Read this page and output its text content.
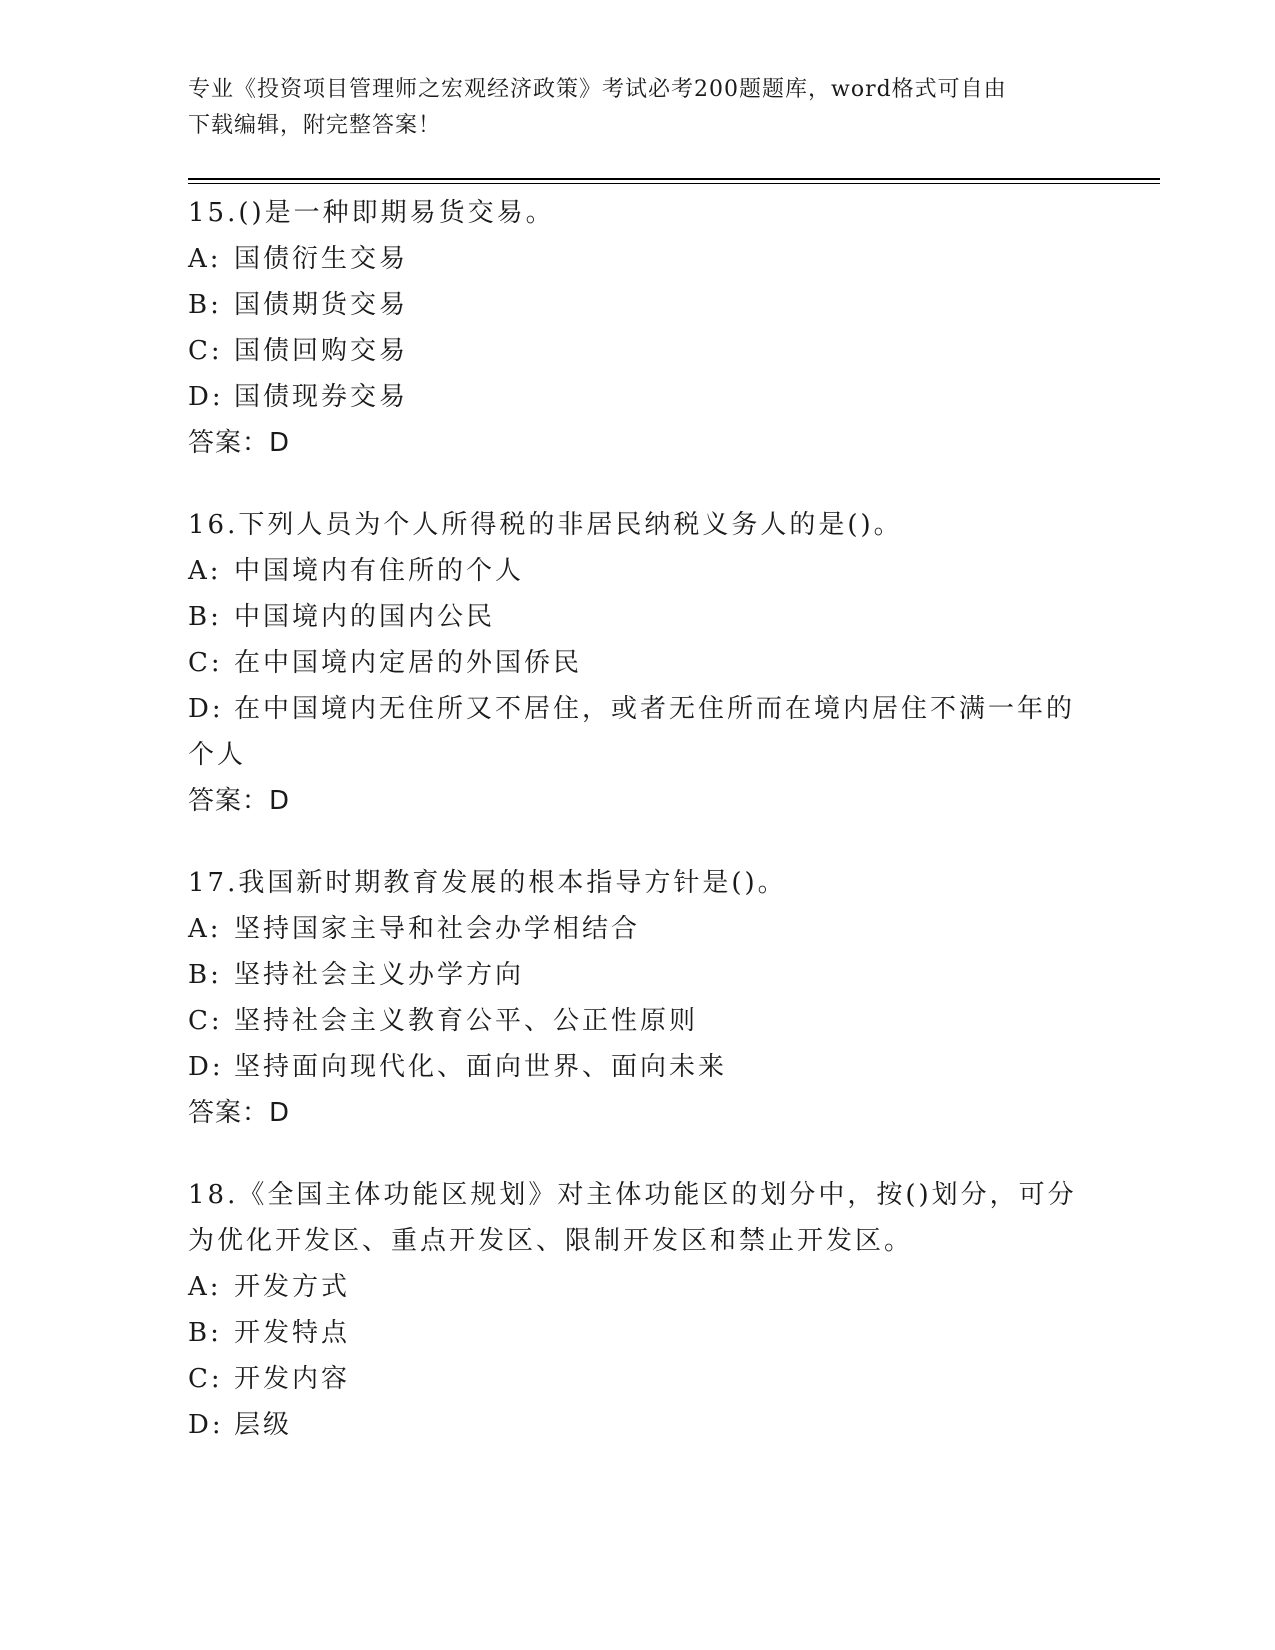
专业《投资项目管理师之宏观经济政策》考试必考200题题库，word格式可自由
下载编辑，附完整答案！
15.()是一种即期易货交易。
A: 国债衍生交易
B: 国债期货交易
C: 国债回购交易
D: 国债现券交易
答案：D
16.下列人员为个人所得税的非居民纳税义务人的是()。
A: 中国境内有住所的个人
B: 中国境内的国内公民
C: 在中国境内定居的外国侨民
D: 在中国境内无住所又不居住，或者无住所而在境内居住不满一年的个人
答案：D
17.我国新时期教育发展的根本指导方针是()。
A: 坚持国家主导和社会办学相结合
B: 坚持社会主义办学方向
C: 坚持社会主义教育公平、公正性原则
D: 坚持面向现代化、面向世界、面向未来
答案：D
18.《全国主体功能区规划》对主体功能区的划分中，按()划分，可分为优化开发区、重点开发区、限制开发区和禁止开发区。
A: 开发方式
B: 开发特点
C: 开发内容
D: 层级
